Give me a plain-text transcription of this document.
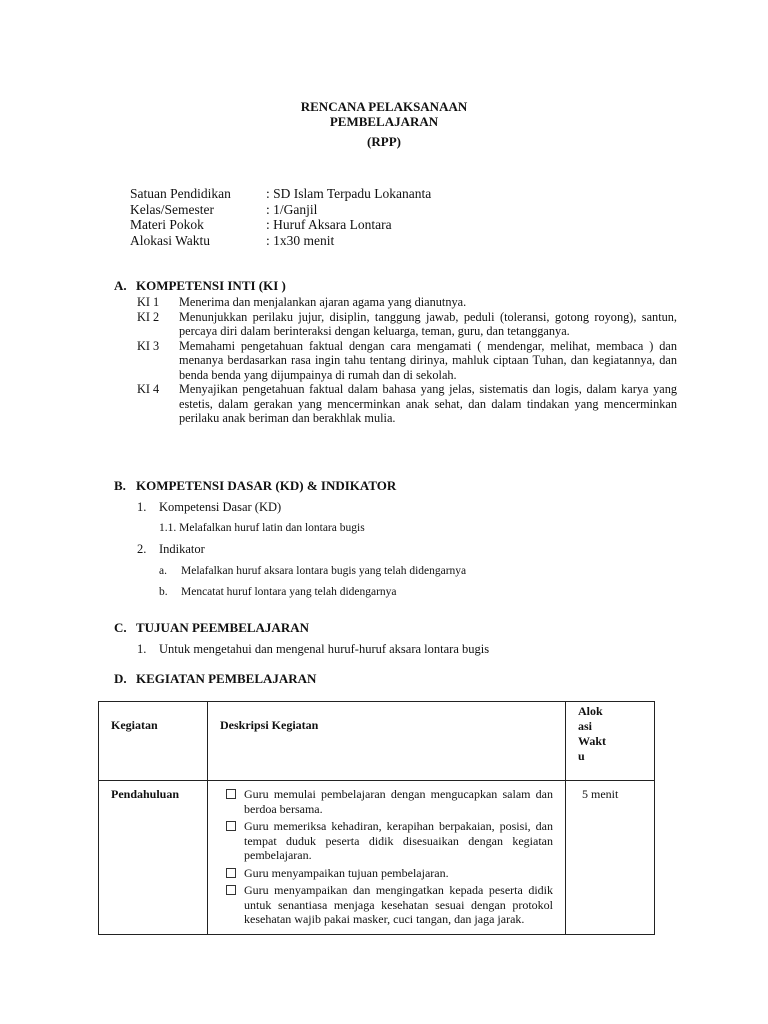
RENCANA PELAKSANAAN
PEMBELAJARAN
(RPP)
Satuan Pendidikan	: SD Islam Terpadu Lokananta
Kelas/Semester	: 1/Ganjil
Materi Pokok	: Huruf Aksara Lontara
Alokasi Waktu	: 1x30 menit
A. KOMPETENSI INTI (KI )
KI 1	Menerima dan menjalankan ajaran agama yang dianutnya.
KI 2	Menunjukkan perilaku jujur, disiplin, tanggung jawab, peduli (toleransi, gotong royong), santun, percaya diri dalam berinteraksi dengan keluarga, teman, guru, dan tetangganya.
KI 3	Memahami pengetahuan faktual dengan cara mengamati ( mendengar, melihat, membaca ) dan menanya berdasarkan rasa ingin tahu tentang dirinya, mahluk ciptaan Tuhan, dan kegiatannya, dan benda benda yang dijumpainya di rumah dan di sekolah.
KI 4	Menyajikan pengetahuan faktual dalam bahasa yang jelas, sistematis dan logis, dalam karya yang estetis, dalam gerakan yang mencerminkan anak sehat, dan dalam tindakan yang mencerminkan perilaku anak beriman dan berakhlak mulia.
B. KOMPETENSI DASAR (KD) & INDIKATOR
1.	Kompetensi Dasar (KD)
1.1. Melafalkan huruf latin dan lontara bugis
2.	Indikator
a.	Melafalkan huruf aksara lontara bugis yang telah didengarnya
b.	Mencatat huruf lontara yang telah didengarnya
C. TUJUAN PEEMBELAJARAN
1.	Untuk mengetahui dan mengenal huruf-huruf aksara lontara bugis
D. KEGIATAN PEMBELAJARAN
Kegiatan	Deskripsi Kegiatan	Alok
asi
Wakt
u

Pendahuluan	Guru memulai pembelajaran dengan mengucapkan salam dan berdoa bersama.
Guru memeriksa kehadiran, kerapihan berpakaian, posisi, dan tempat duduk peserta didik disesuaikan dengan kegiatan pembelajaran.
Guru menyampaikan tujuan pembelajaran.
Guru menyampaikan dan mengingatkan kepada peserta didik untuk senantiasa menjaga kesehatan sesuai dengan protokol kesehatan wajib pakai masker, cuci tangan, dan jaga jarak.	5 menit
